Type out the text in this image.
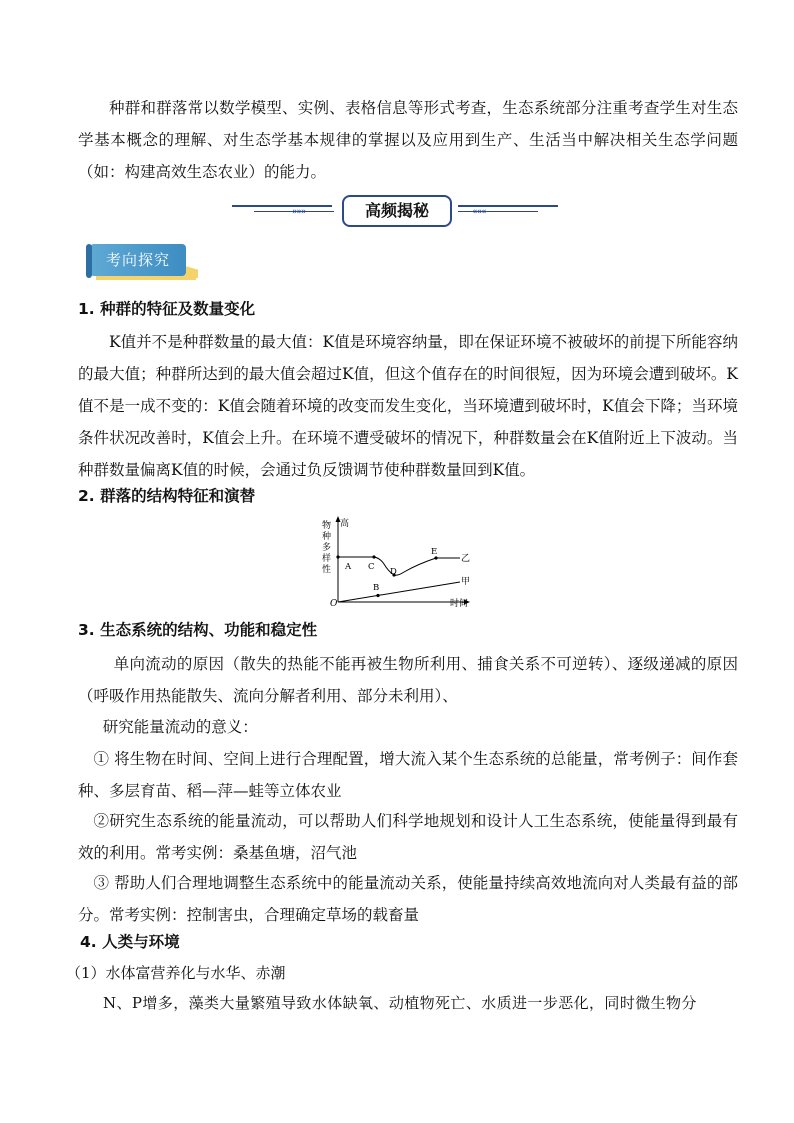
种群和群落常以数学模型、实例、表格信息等形式考查，生态系统部分注重考查学生对生态学基本概念的理解、对生态学基本规律的掌握以及应用到生产、生活当中解决相关生态学问题（如：构建高效生态农业）的能力。

»»»	高频揭秘	«««
考向探究

1. 种群的特征及数量变化

K值并不是种群数量的最大值：K值是环境容纳量，即在保证环境不被破坏的前提下所能容纳的最大值；种群所达到的最大值会超过K值，但这个值存在的时间很短，因为环境会遭到破坏。K值不是一成不变的：K值会随着环境的改变而发生变化，当环境遭到破坏时，K值会下降；当环境条件状况改善时，K值会上升。在环境不遭受破坏的情况下，种群数量会在K值附近上下波动。当种群数量偏离K值的时候，会通过负反馈调节使种群数量回到K值。

2. 群落的结构特征和演替

物
种
多
样
性
高
O	时间
A
B
C D
E
乙
甲

3. 生态系统的结构、功能和稳定性

单向流动的原因（散失的热能不能再被生物所利用、捕食关系不可逆转）、逐级递减的原因（呼吸作用热能散失、流向分解者利用、部分未利用）、

研究能量流动的意义：

① 将生物在时间、空间上进行合理配置，增大流入某个生态系统的总能量，常考例子：间作套种、多层育苗、稻—萍—蛙等立体农业

②研究生态系统的能量流动，可以帮助人们科学地规划和设计人工生态系统，使能量得到最有效的利用。常考实例：桑基鱼塘，沼气池

③ 帮助人们合理地调整生态系统中的能量流动关系，使能量持续高效地流向对人类最有益的部分。常考实例：控制害虫，合理确定草场的载畜量

4. 人类与环境

（1）水体富营养化与水华、赤潮

N、P增多，藻类大量繁殖导致水体缺氧、动植物死亡、水质进一步恶化，同时微生物分
